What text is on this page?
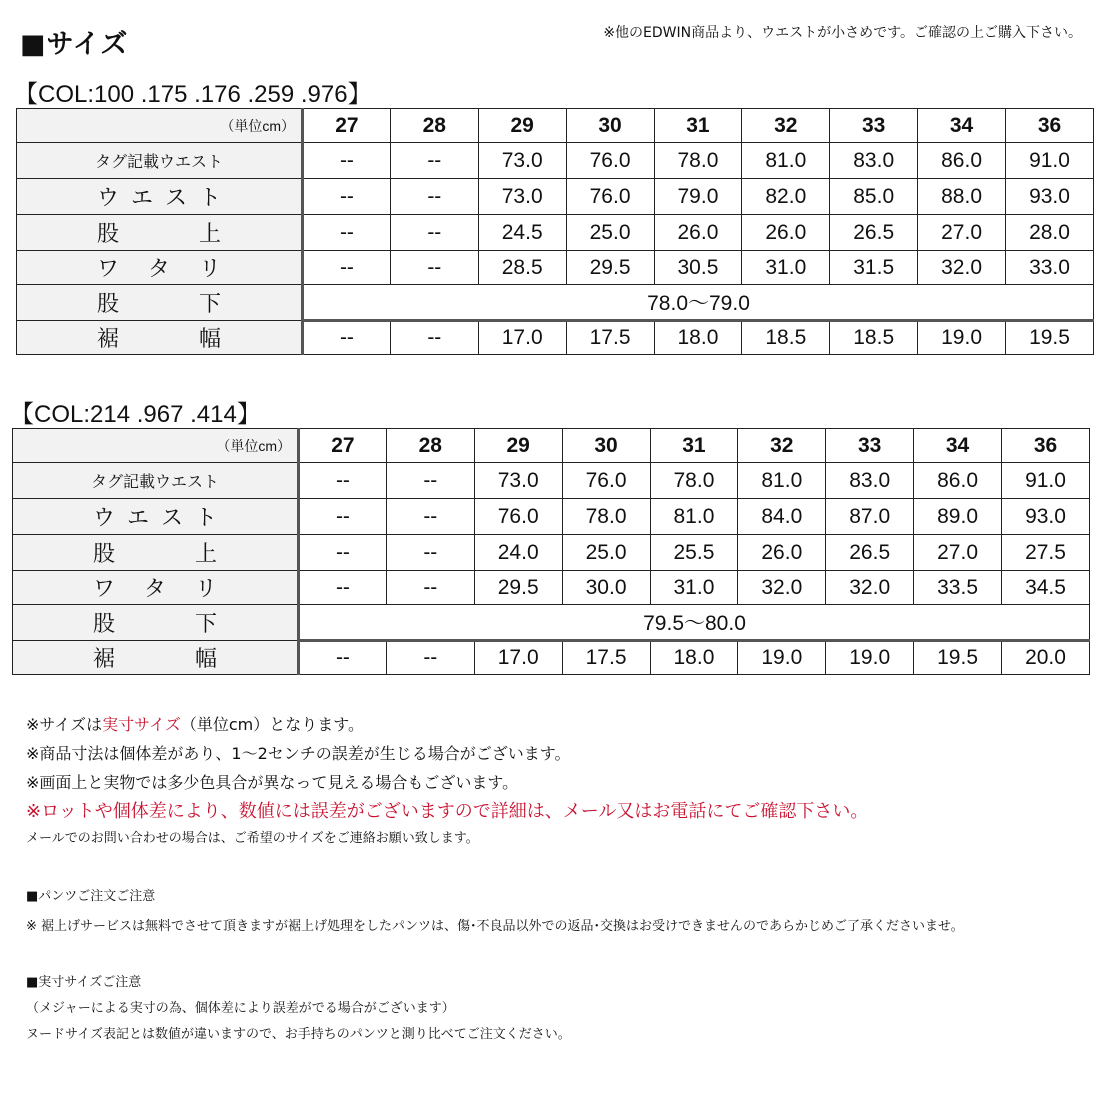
■サイズ	※他のEDWIN商品より、ウエストが小さめです。ご確認の上ご購入下さい。
【COL:100 .175 .176 .259 .976】
（単位cm）	27	28	29	30	31	32	33	34	36
タグ記載ウエスト	--	--	73.0	76.0	78.0	81.0	83.0	86.0	91.0
ウエスト	--	--	73.0	76.0	79.0	82.0	85.0	88.0	93.0
股上	--	--	24.5	25.0	26.0	26.0	26.5	27.0	28.0
ワタリ	--	--	28.5	29.5	30.5	31.0	31.5	32.0	33.0
股下	78.0～79.0								
裾幅	--	--	17.0	17.5	18.0	18.5	18.5	19.0	19.5
【COL:214 .967 .414】
（単位cm）	27	28	29	30	31	32	33	34	36
タグ記載ウエスト	--	--	73.0	76.0	78.0	81.0	83.0	86.0	91.0
ウエスト	--	--	76.0	78.0	81.0	84.0	87.0	89.0	93.0
股上	--	--	24.0	25.0	25.5	26.0	26.5	27.0	27.5
ワタリ	--	--	29.5	30.0	31.0	32.0	32.0	33.5	34.5
股下	79.5～80.0								
裾幅	--	--	17.0	17.5	18.0	19.0	19.0	19.5	20.0
※サイズは実寸サイズ（単位cm）となります。
※商品寸法は個体差があり、1～2センチの誤差が生じる場合がございます。
※画面上と実物では多少色具合が異なって見える場合もございます。
※ロットや個体差により、数値には誤差がございますので詳細は、メール又はお電話にてご確認下さい。
メールでのお問い合わせの場合は、ご希望のサイズをご連絡お願い致します。
■パンツご注文ご注意
※ 裾上げサービスは無料でさせて頂きますが裾上げ処理をしたパンツは、傷･不良品以外での返品･交換はお受けできませんのであらかじめご了承くださいませ。
■実寸サイズご注意
（メジャーによる実寸の為、個体差により誤差がでる場合がございます）
ヌードサイズ表記とは数値が違いますので、お手持ちのパンツと測り比べてご注文ください。
